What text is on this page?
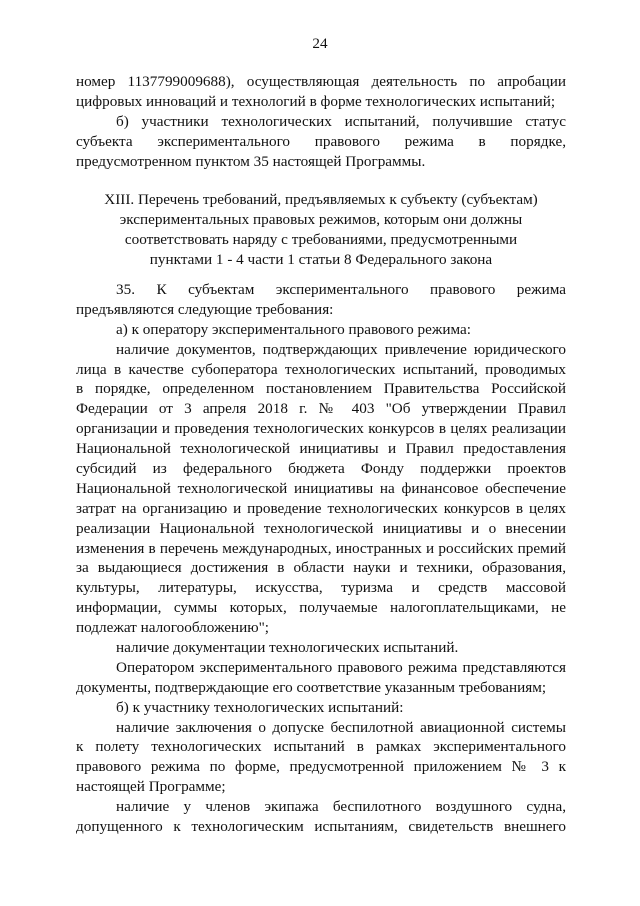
24
номер 1137799009688), осуществляющая деятельность по апробации
цифровых инноваций и технологий в форме технологических испытаний;
б) участники технологических испытаний, получившие статус
субъекта экспериментального правового режима в порядке,
предусмотренном пунктом 35 настоящей Программы.
XIII. Перечень требований, предъявляемых к субъекту (субъектам)
экспериментальных правовых режимов, которым они должны
соответствовать наряду с требованиями, предусмотренными
пунктами 1 - 4 части 1 статьи 8 Федерального закона
35. К субъектам экспериментального правового режима
предъявляются следующие требования:
а) к оператору экспериментального правового режима:
наличие документов, подтверждающих привлечение юридического
лица в качестве субоператора технологических испытаний, проводимых
в порядке, определенном постановлением Правительства Российской
Федерации от 3 апреля 2018 г. № 403 "Об утверждении Правил
организации и проведения технологических конкурсов в целях реализации
Национальной технологической инициативы и Правил предоставления
субсидий из федерального бюджета Фонду поддержки проектов
Национальной технологической инициативы на финансовое обеспечение
затрат на организацию и проведение технологических конкурсов в целях
реализации Национальной технологической инициативы и о внесении
изменения в перечень международных, иностранных и российских премий
за выдающиеся достижения в области науки и техники, образования,
культуры, литературы, искусства, туризма и средств массовой
информации, суммы которых, получаемые налогоплательщиками, не
подлежат налогообложению";
наличие документации технологических испытаний.
Оператором экспериментального правового режима представляются
документы, подтверждающие его соответствие указанным требованиям;
б) к участнику технологических испытаний:
наличие заключения о допуске беспилотной авиационной системы
к полету технологических испытаний в рамках экспериментального
правового режима по форме, предусмотренной приложением № 3 к
настоящей Программе;
наличие у членов экипажа беспилотного воздушного судна,
допущенного к технологическим испытаниям, свидетельств внешнего
